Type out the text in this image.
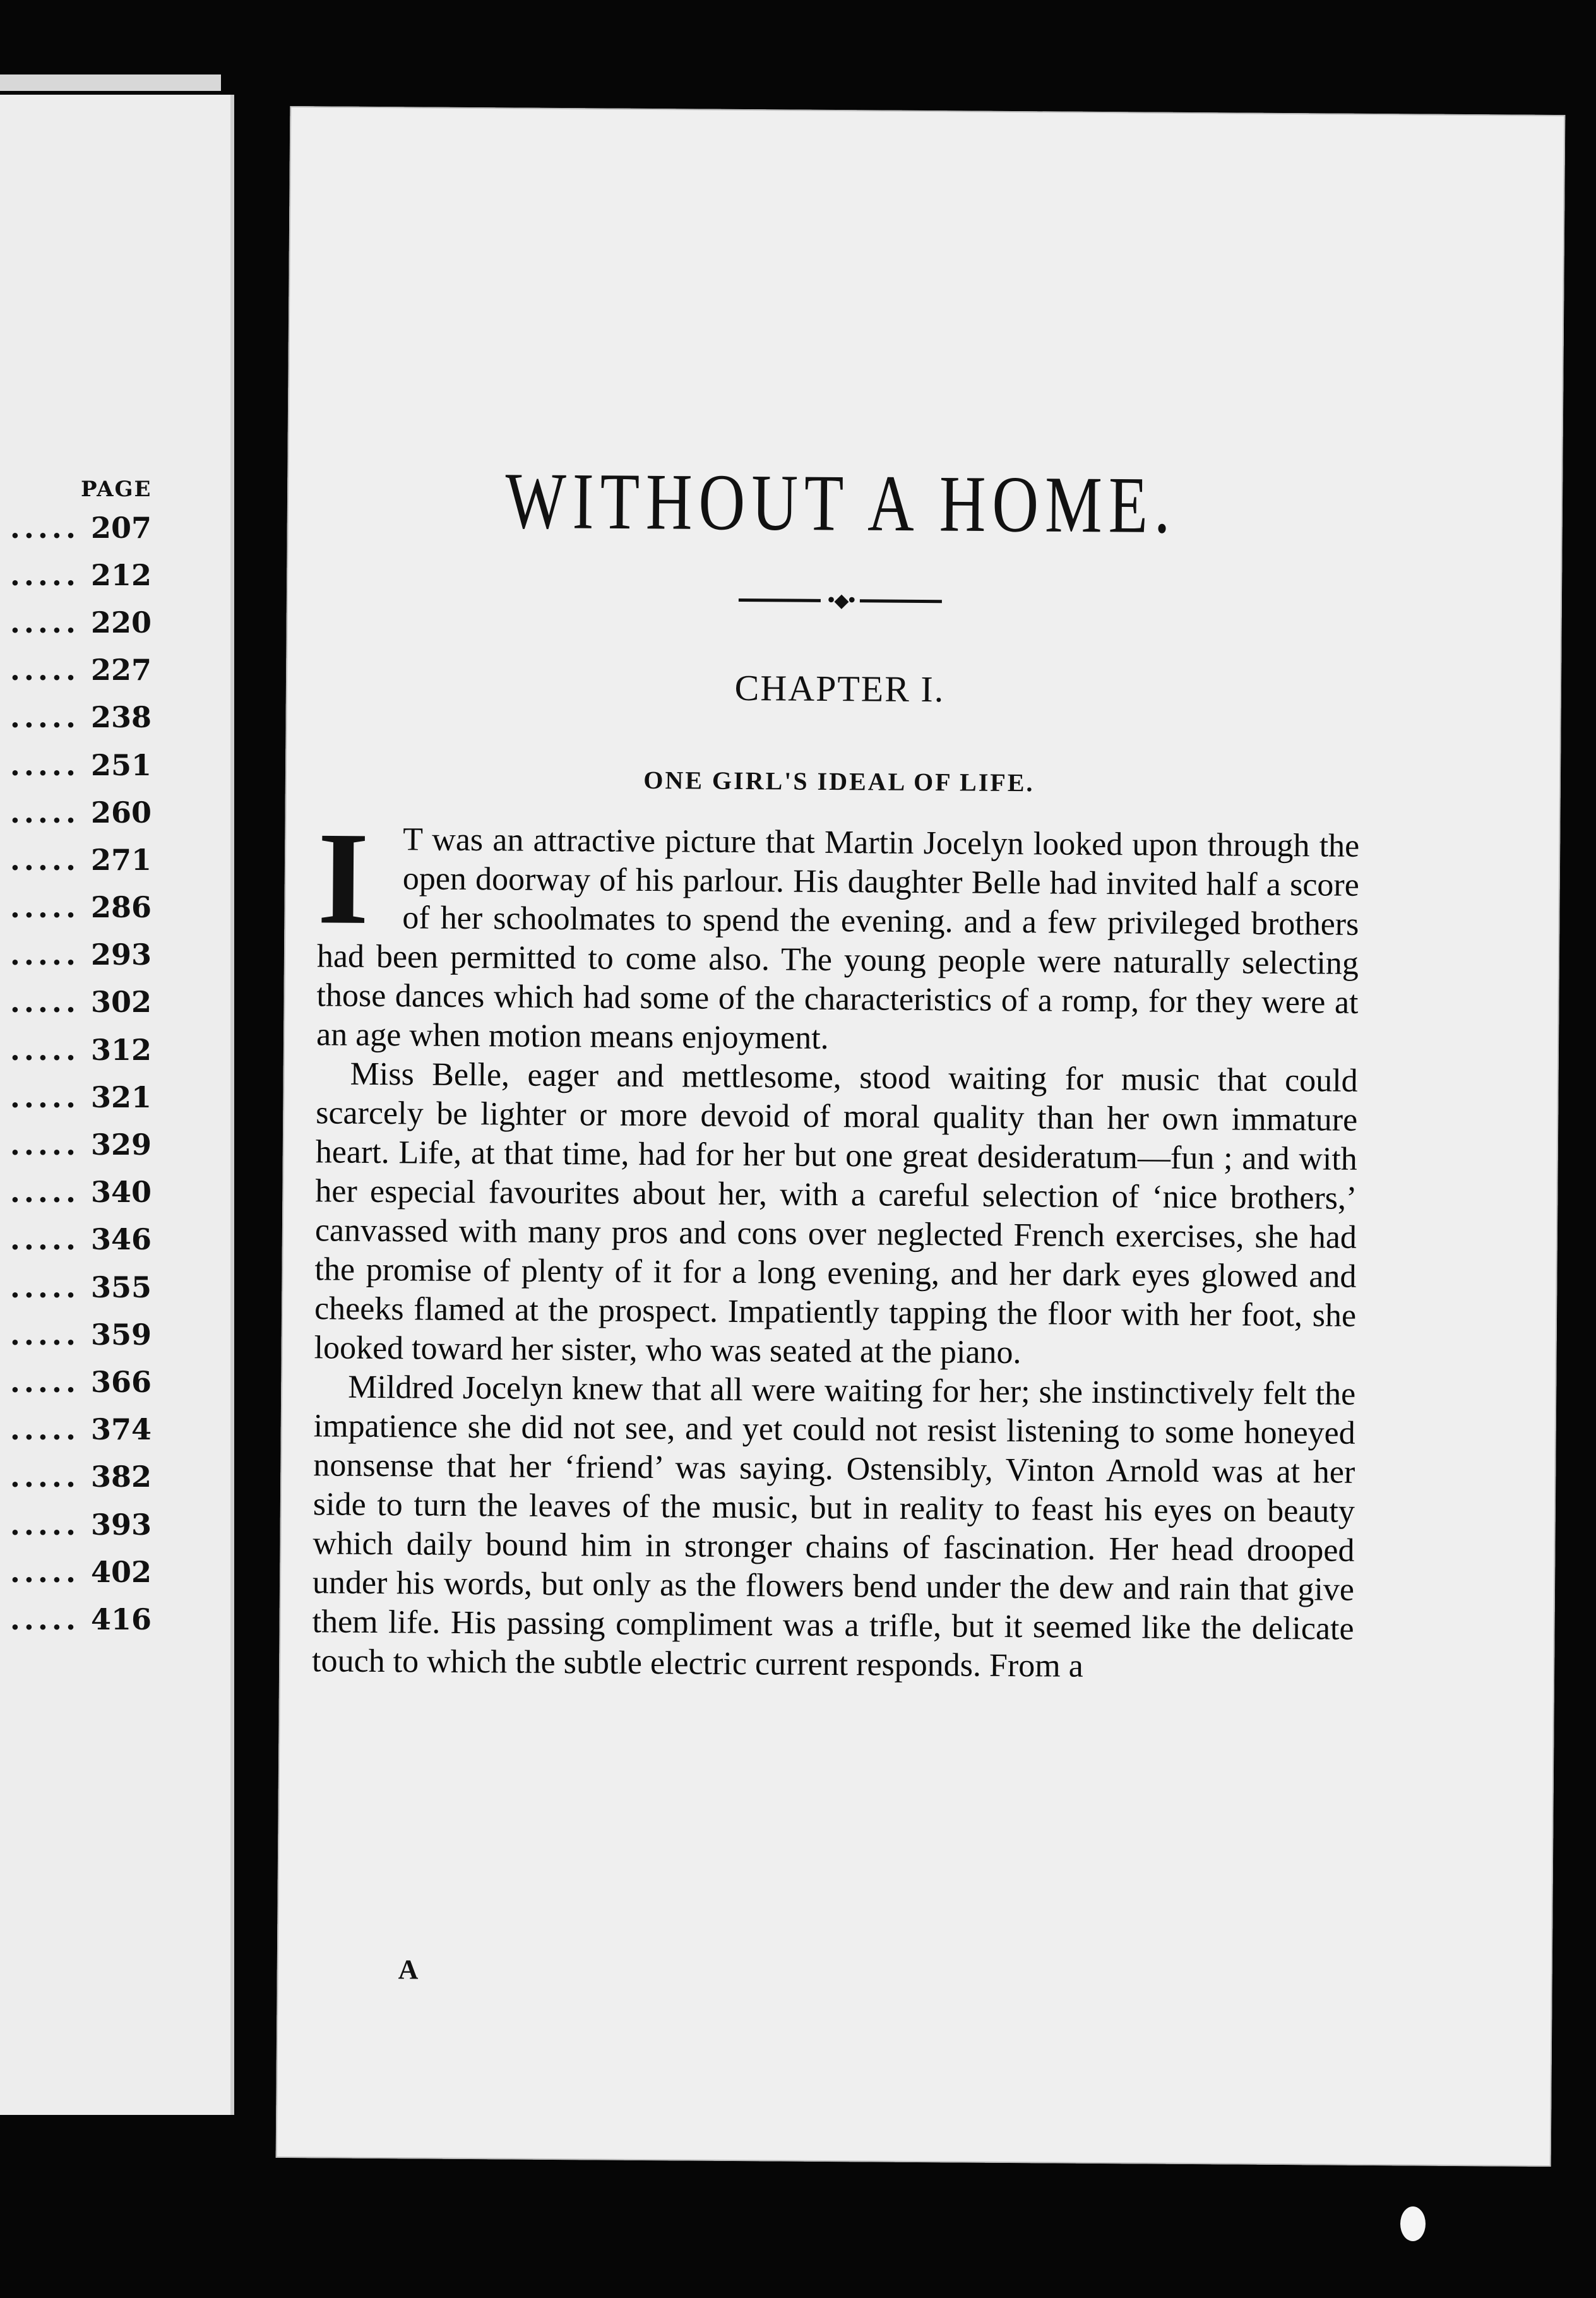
PAGE
..... 207
..... 212
..... 220
..... 227
..... 238
..... 251
..... 260
..... 271
..... 286
..... 293
..... 302
..... 312
..... 321
..... 329
..... 340
..... 346
..... 355
..... 359
..... 366
..... 374
..... 382
..... 393
..... 402
..... 416
WITHOUT A HOME.
•◆•
CHAPTER I.
ONE GIRL'S IDEAL OF LIFE.

I	T was an attractive picture that Martin Jocelyn looked upon through the open doorway of his parlour. His daughter Belle had invited half a score of her schoolmates to spend the evening. and a few privileged brothers had been permitted to come also. The young people were naturally selecting those dances which had some of the characteristics of a romp, for they were at an age when motion means enjoyment.

Miss Belle, eager and mettlesome, stood waiting for music that could scarcely be lighter or more devoid of moral quality than her own immature heart. Life, at that time, had for her but one great desideratum—fun ; and with her especial favourites about her, with a careful selection of ‘nice brothers,’ canvassed with many pros and cons over neglected French exercises, she had the promise of plenty of it for a long evening, and her dark eyes glowed and cheeks flamed at the prospect. Impatiently tapping the floor with her foot, she looked toward her sister, who was seated at the piano.

Mildred Jocelyn knew that all were waiting for her; she instinctively felt the impatience she did not see, and yet could not resist listening to some honeyed nonsense that her ‘friend’ was saying. Ostensibly, Vinton Arnold was at her side to turn the leaves of the music, but in reality to feast his eyes on beauty which daily bound him in stronger chains of fascination. Her head drooped under his words, but only as the flowers bend under the dew and rain that give them life. His passing compliment was a trifle, but it seemed like the delicate touch to which the subtle electric current responds. From a

A
